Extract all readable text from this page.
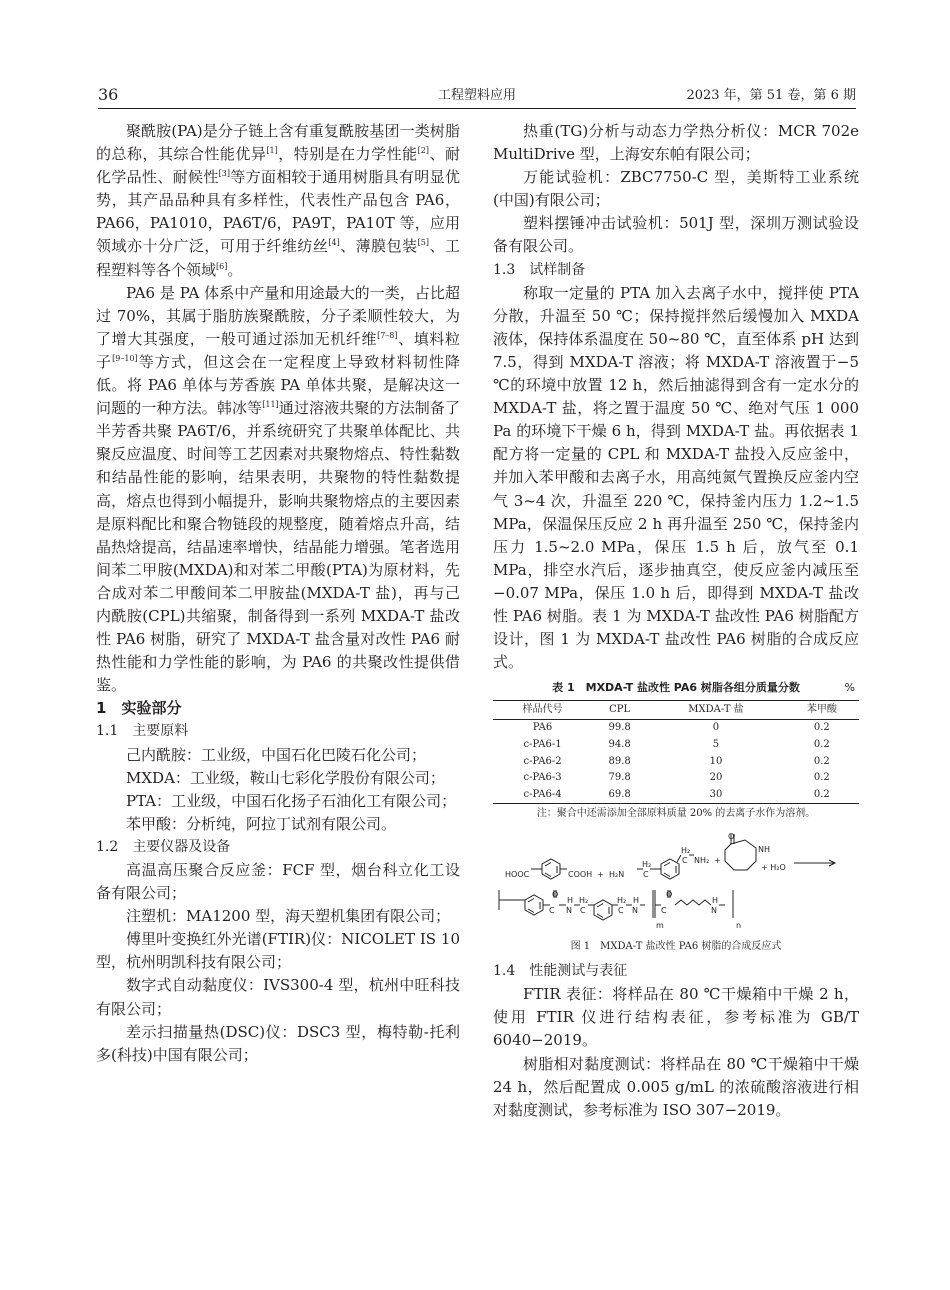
36	工程塑料应用	2023 年，第 51 卷，第 6 期

聚酰胺(PA)是分子链上含有重复酰胺基团一类树脂的总称，其综合性能优异[1]，特别是在力学性能[2]、耐化学品性、耐候性[3]等方面相较于通用树脂具有明显优势，其产品品种具有多样性，代表性产品包含 PA6，PA66，PA1010，PA6T/6，PA9T，PA10T 等，应用领域亦十分广泛，可用于纤维纺丝[4]、薄膜包装[5]、工程塑料等各个领域[6]。

PA6 是 PA 体系中产量和用途最大的一类，占比超过 70%，其属于脂肪族聚酰胺，分子柔顺性较大，为了增大其强度，一般可通过添加无机纤维[7–8]、填料粒子[9–10]等方式，但这会在一定程度上导致材料韧性降低。将 PA6 单体与芳香族 PA 单体共聚，是解决这一问题的一种方法。韩冰等[11]通过溶液共聚的方法制备了半芳香共聚 PA6T/6，并系统研究了共聚单体配比、共聚反应温度、时间等工艺因素对共聚物熔点、特性黏数和结晶性能的影响，结果表明，共聚物的特性黏数提高，熔点也得到小幅提升，影响共聚物熔点的主要因素是原料配比和聚合物链段的规整度，随着熔点升高，结晶热焓提高，结晶速率增快，结晶能力增强。笔者选用间苯二甲胺(MXDA)和对苯二甲酸(PTA)为原材料，先合成对苯二甲酸间苯二甲胺盐(MXDA-T 盐)，再与己内酰胺(CPL)共缩聚，制备得到一系列 MXDA-T 盐改性 PA6 树脂，研究了 MXDA-T 盐含量对改性 PA6 耐热性能和力学性能的影响，为 PA6 的共聚改性提供借鉴。

1　 实验部分
1.1 主要原料

己内酰胺：工业级，中国石化巴陵石化公司；

MXDA：工业级，鞍山七彩化学股份有限公司；

PTA：工业级，中国石化扬子石油化工有限公司；

苯甲酸：分析纯，阿拉丁试剂有限公司。

1.2 主要仪器及设备

高温高压聚合反应釜：FCF 型，烟台科立化工设备有限公司；

注塑机：MA1200 型，海天塑机集团有限公司；

傅里叶变换红外光谱(FTIR)仪：NICOLET IS 10 型，杭州明凯科技有限公司；

数字式自动黏度仪：IVS300-4 型，杭州中旺科技有限公司；

差示扫描量热(DSC)仪：DSC3 型，梅特勒-托利多(科技)中国有限公司；

热重(TG)分析与动态力学热分析仪：MCR 702e MultiDrive 型，上海安东帕有限公司；

万能试验机：ZBC7750-C 型，美斯特工业系统(中国)有限公司；

塑料摆锤冲击试验机：501J 型，深圳万测试验设备有限公司。

1.3 试样制备

称取一定量的 PTA 加入去离子水中，搅拌使 PTA 分散，升温至 50 ℃；保持搅拌然后缓慢加入 MXDA 液体，保持体系温度在 50~80 ℃，直至体系 pH 达到 7.5，得到 MXDA-T 溶液；将 MXDA-T 溶液置于−5 ℃的环境中放置 12 h，然后抽滤得到含有一定水分的 MXDA-T 盐，将之置于温度 50 ℃、绝对气压 1 000 Pa 的环境下干燥 6 h，得到 MXDA-T 盐。再依据表 1 配方将一定量的 CPL 和 MXDA-T 盐投入反应釜中，并加入苯甲酸和去离子水，用高纯氮气置换反应釜内空气 3~4 次，升温至 220 ℃，保持釜内压力 1.2~1.5 MPa，保温保压反应 2 h 再升温至 250 ℃，保持釜内压力 1.5~2.0 MPa，保压 1.5 h 后，放气至 0.1 MPa，排空水汽后，逐步抽真空，使反应釜内减压至−0.07 MPa，保压 1.0 h 后，即得到 MXDA-T 盐改性 PA6 树脂。表 1 为 MXDA-T 盐改性 PA6 树脂配方设计，图 1 为 MXDA-T 盐改性 PA6 树脂的合成反应式。

表 1　MXDA-T 盐改性 PA6 树脂各组分质量分数	%
样品代号	CPL	MXDA-T 盐	苯甲酸
PA6	99.8	0	0.2
c-PA6-1	94.8	5	0.2
c-PA6-2	89.8	10	0.2
c-PA6-3	79.8	20	0.2
c-PA6-4	69.8	30	0.2
注：聚合中还需添加全部原料质量 20% 的去离子水作为溶剂。
HOOC	COOH + H₂N C
H₂	C
H₂
NH₂ +
O
NH
+ H₂O
C
O
N
H
C
H₂
C
H₂
N
H
m
C
O
N
H
n
图 1　MXDA-T 盐改性 PA6 树脂的合成反应式
1.4 性能测试与表征

FTIR 表征：将样品在 80 ℃干燥箱中干燥 2 h，使用 FTIR 仪进行结构表征，参考标准为 GB/T 6040−2019。

树脂相对黏度测试：将样品在 80 ℃干燥箱中干燥 24 h，然后配置成 0.005 g/mL 的浓硫酸溶液进行相对黏度测试，参考标准为 ISO 307−2019。
